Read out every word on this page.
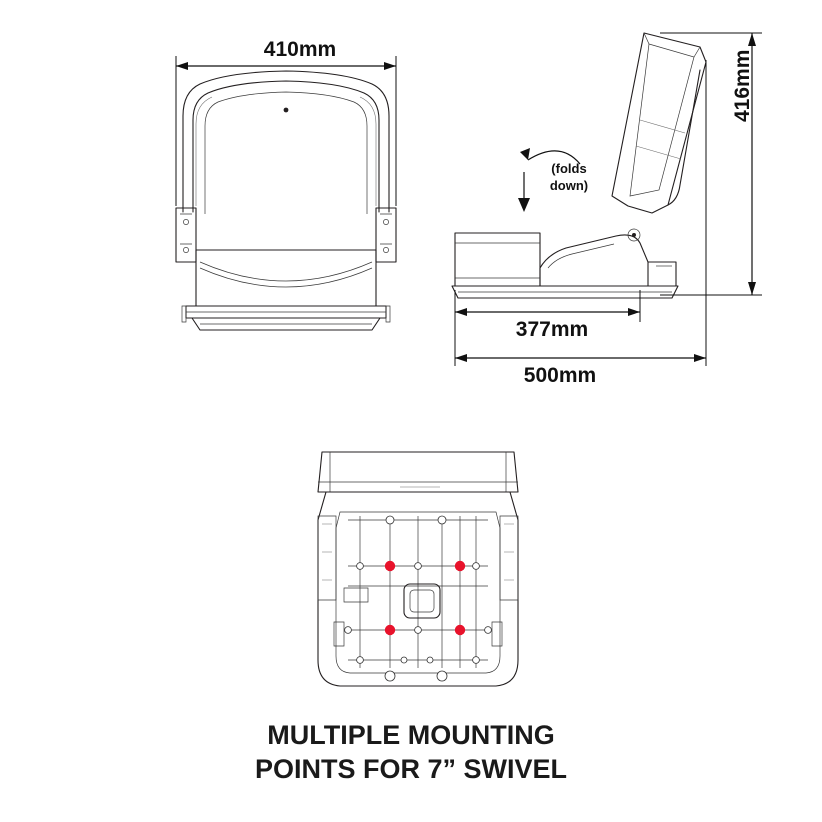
410mm
416mm
377mm
500mm
(folds
down)
MULTIPLE MOUNTING
POINTS FOR 7” SWIVEL
